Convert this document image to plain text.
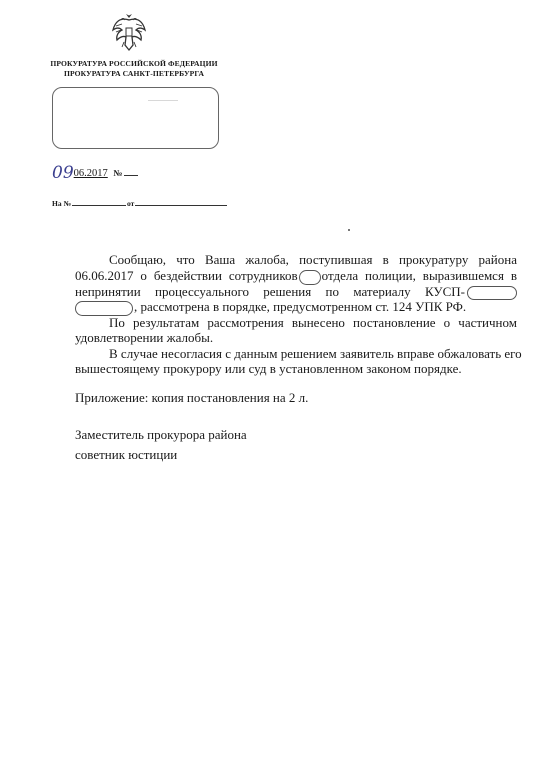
ПРОКУРАТУРА РОССИЙСКОЙ ФЕДЕРАЦИИ
ПРОКУРАТУРА САНКТ-ПЕТЕРБУРГА
0906.2017 №
На №	от
Сообщаю, что Ваша жалоба, поступившая в прокуратуру района
06.06.2017 о бездействии сотрудников отдела полиции, выразившемся в
непринятии процессуального решения по материалу КУСП-
, рассмотрена в порядке, предусмотренном ст. 124 УПК РФ.
По результатам рассмотрения вынесено постановление о частичном
удовлетворении жалобы.
В случае несогласия с данным решением заявитель вправе обжаловать его
вышестоящему прокурору или суд в установленном законом порядке.
Приложение: копия постановления на 2 л.
Заместитель прокурора района
советник юстиции
